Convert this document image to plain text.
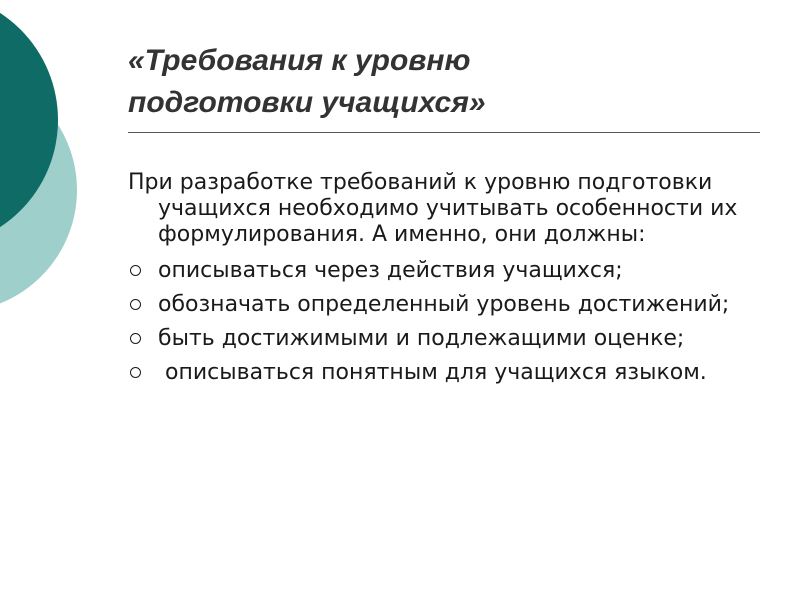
«Требования к уровню
подготовки учащихся»

При разработке требований к уровню подготовки учащихся необходимо учитывать особенности их формулирования. А именно, они должны:

описываться через действия учащихся;
обозначать определенный уровень достижений;
быть достижимыми и подлежащими оценке;
описываться понятным для учащихся языком.
